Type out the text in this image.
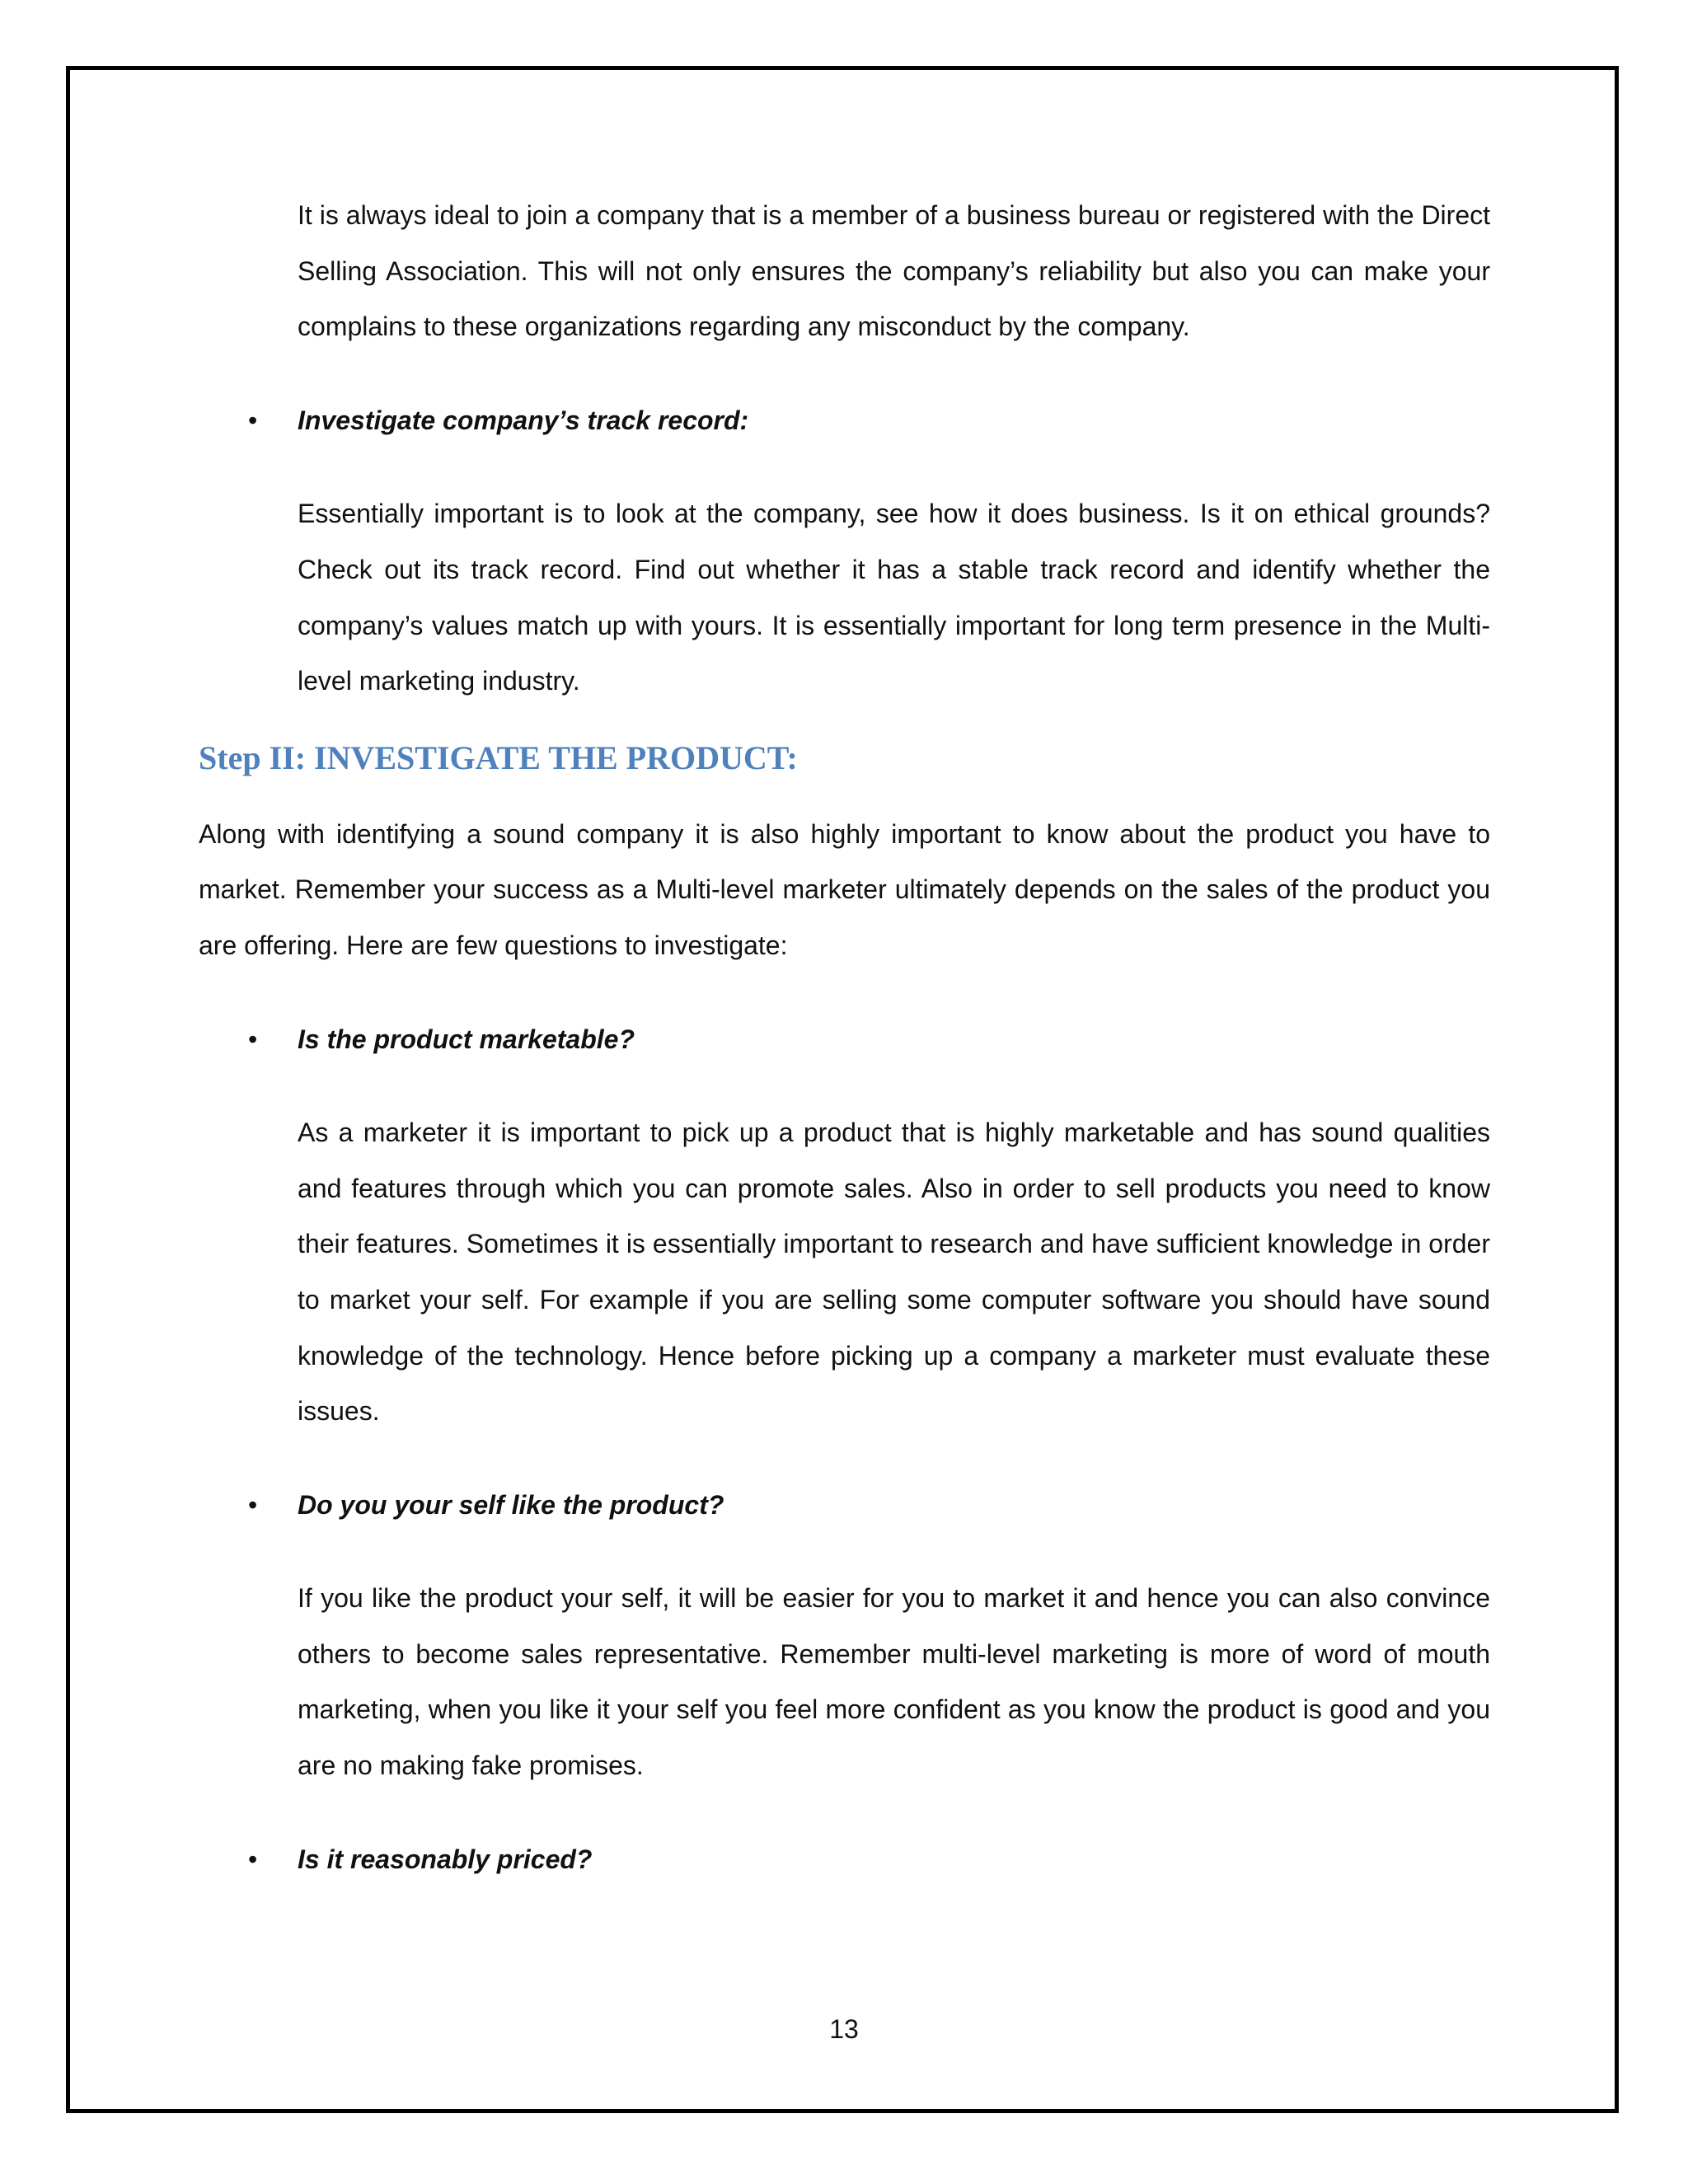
It is always ideal to join a company that is a member of a business bureau or registered with the Direct Selling Association. This will not only ensures the company’s reliability but also you can make your complains to these organizations regarding any misconduct by the company.

• Investigate company’s track record:

Essentially important is to look at the company, see how it does business. Is it on ethical grounds? Check out its track record. Find out whether it has a stable track record and identify whether the company’s values match up with yours. It is essentially important for long term presence in the Multi-level marketing industry.

Step II: INVESTIGATE THE PRODUCT:

Along with identifying a sound company it is also highly important to know about the product you have to market. Remember your success as a Multi-level marketer ultimately depends on the sales of the product you are offering. Here are few questions to investigate:

• Is the product marketable?

As a marketer it is important to pick up a product that is highly marketable and has sound qualities and features through which you can promote sales. Also in order to sell products you need to know their features. Sometimes it is essentially important to research and have sufficient knowledge in order to market your self. For example if you are selling some computer software you should have sound knowledge of the technology. Hence before picking up a company a marketer must evaluate these issues.

• Do you your self like the product?

If you like the product your self, it will be easier for you to market it and hence you can also convince others to become sales representative. Remember multi-level marketing is more of word of mouth marketing, when you like it your self you feel more confident as you know the product is good and you are no making fake promises.

• Is it reasonably priced?
13
